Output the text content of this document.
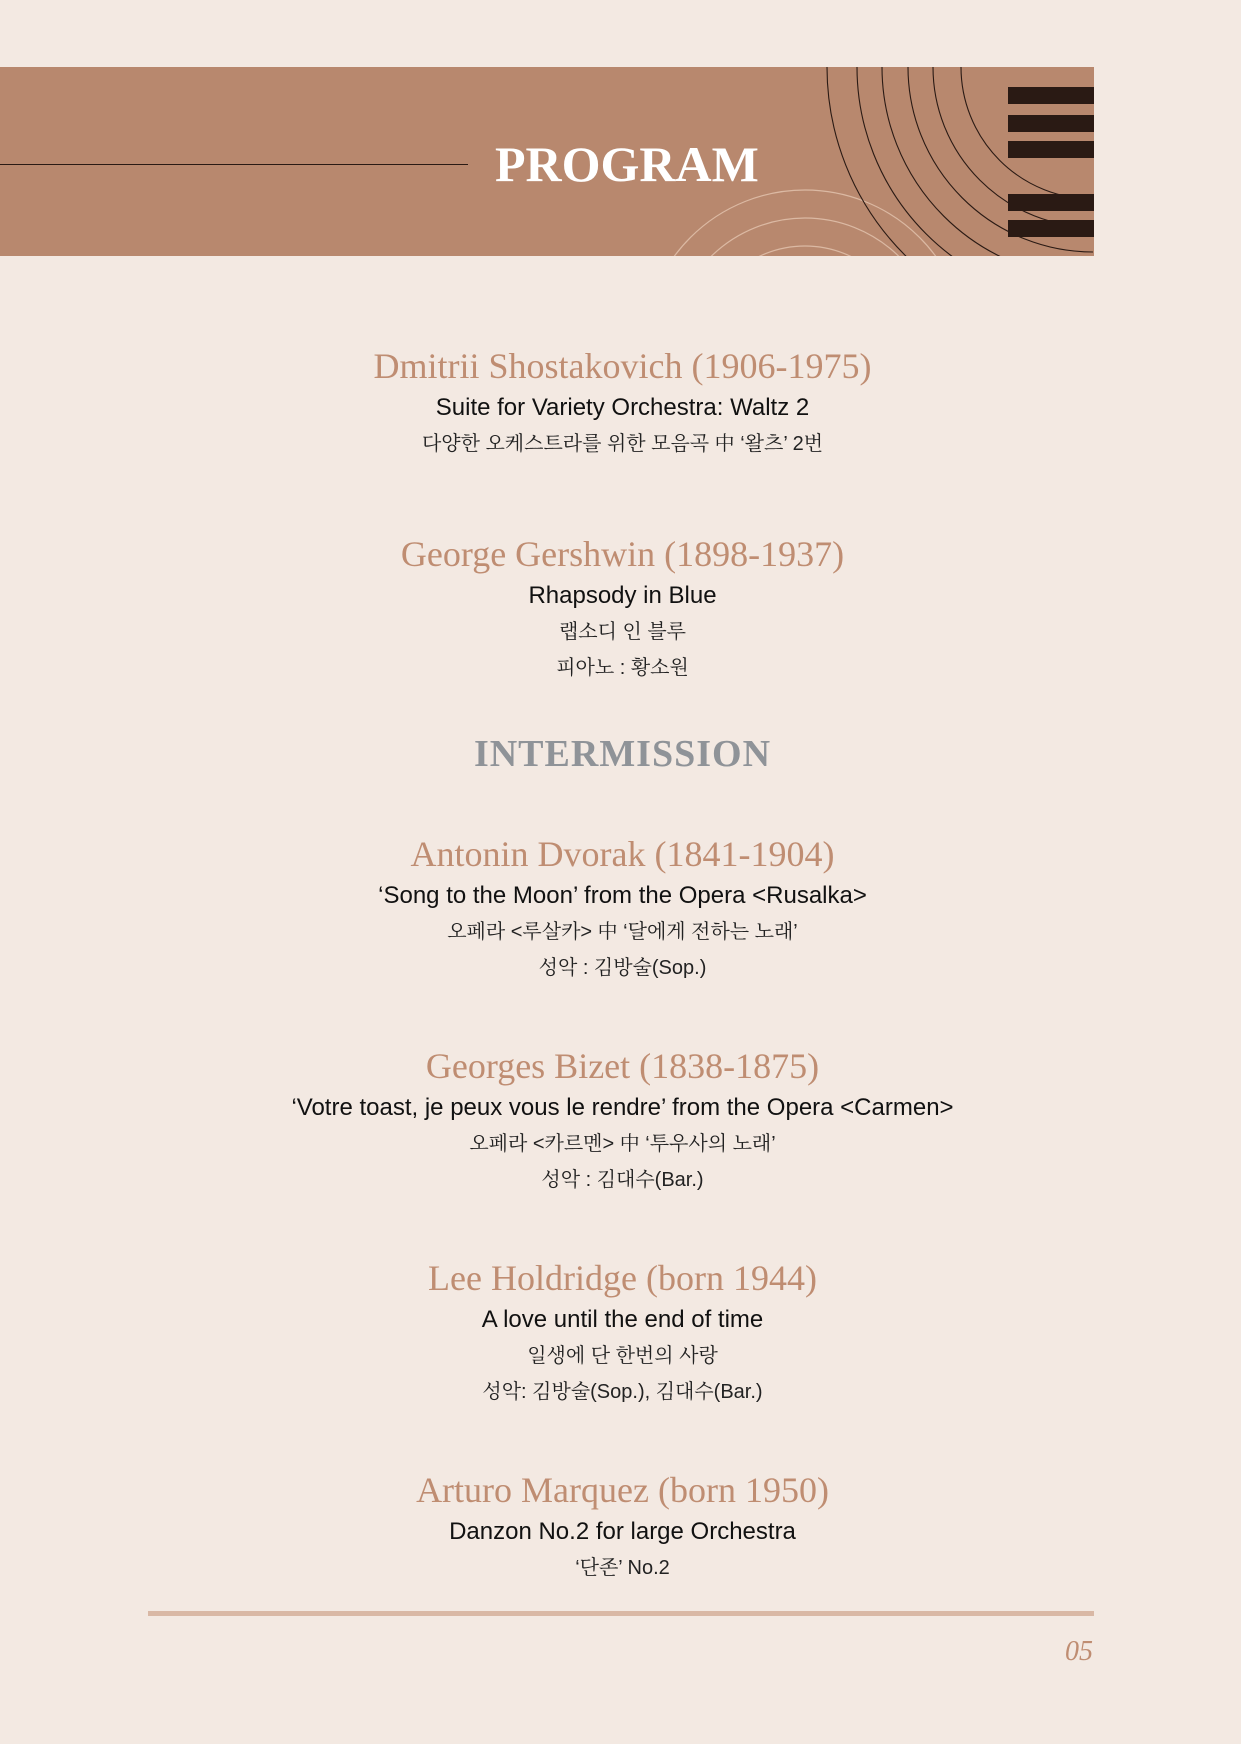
PROGRAM
Dmitrii Shostakovich (1906-1975)
Suite for Variety Orchestra: Waltz 2
다양한 오케스트라를 위한 모음곡 中 ‘왈츠’ 2번
George Gershwin (1898-1937)
Rhapsody in Blue
랩소디 인 블루
피아노 : 황소원
INTERMISSION
Antonin Dvorak (1841-1904)
‘Song to the Moon’ from the Opera <Rusalka>
오페라 <루살카> 中 ‘달에게 전하는 노래’
성악 : 김방술(Sop.)
Georges Bizet (1838-1875)
‘Votre toast, je peux vous le rendre’ from the Opera <Carmen>
오페라 <카르멘> 中 ‘투우사의 노래’
성악 : 김대수(Bar.)
Lee Holdridge (born 1944)
A love until the end of time
일생에 단 한번의 사랑
성악: 김방술(Sop.), 김대수(Bar.)
Arturo Marquez (born 1950)
Danzon No.2 for large Orchestra
‘단존’ No.2
05
